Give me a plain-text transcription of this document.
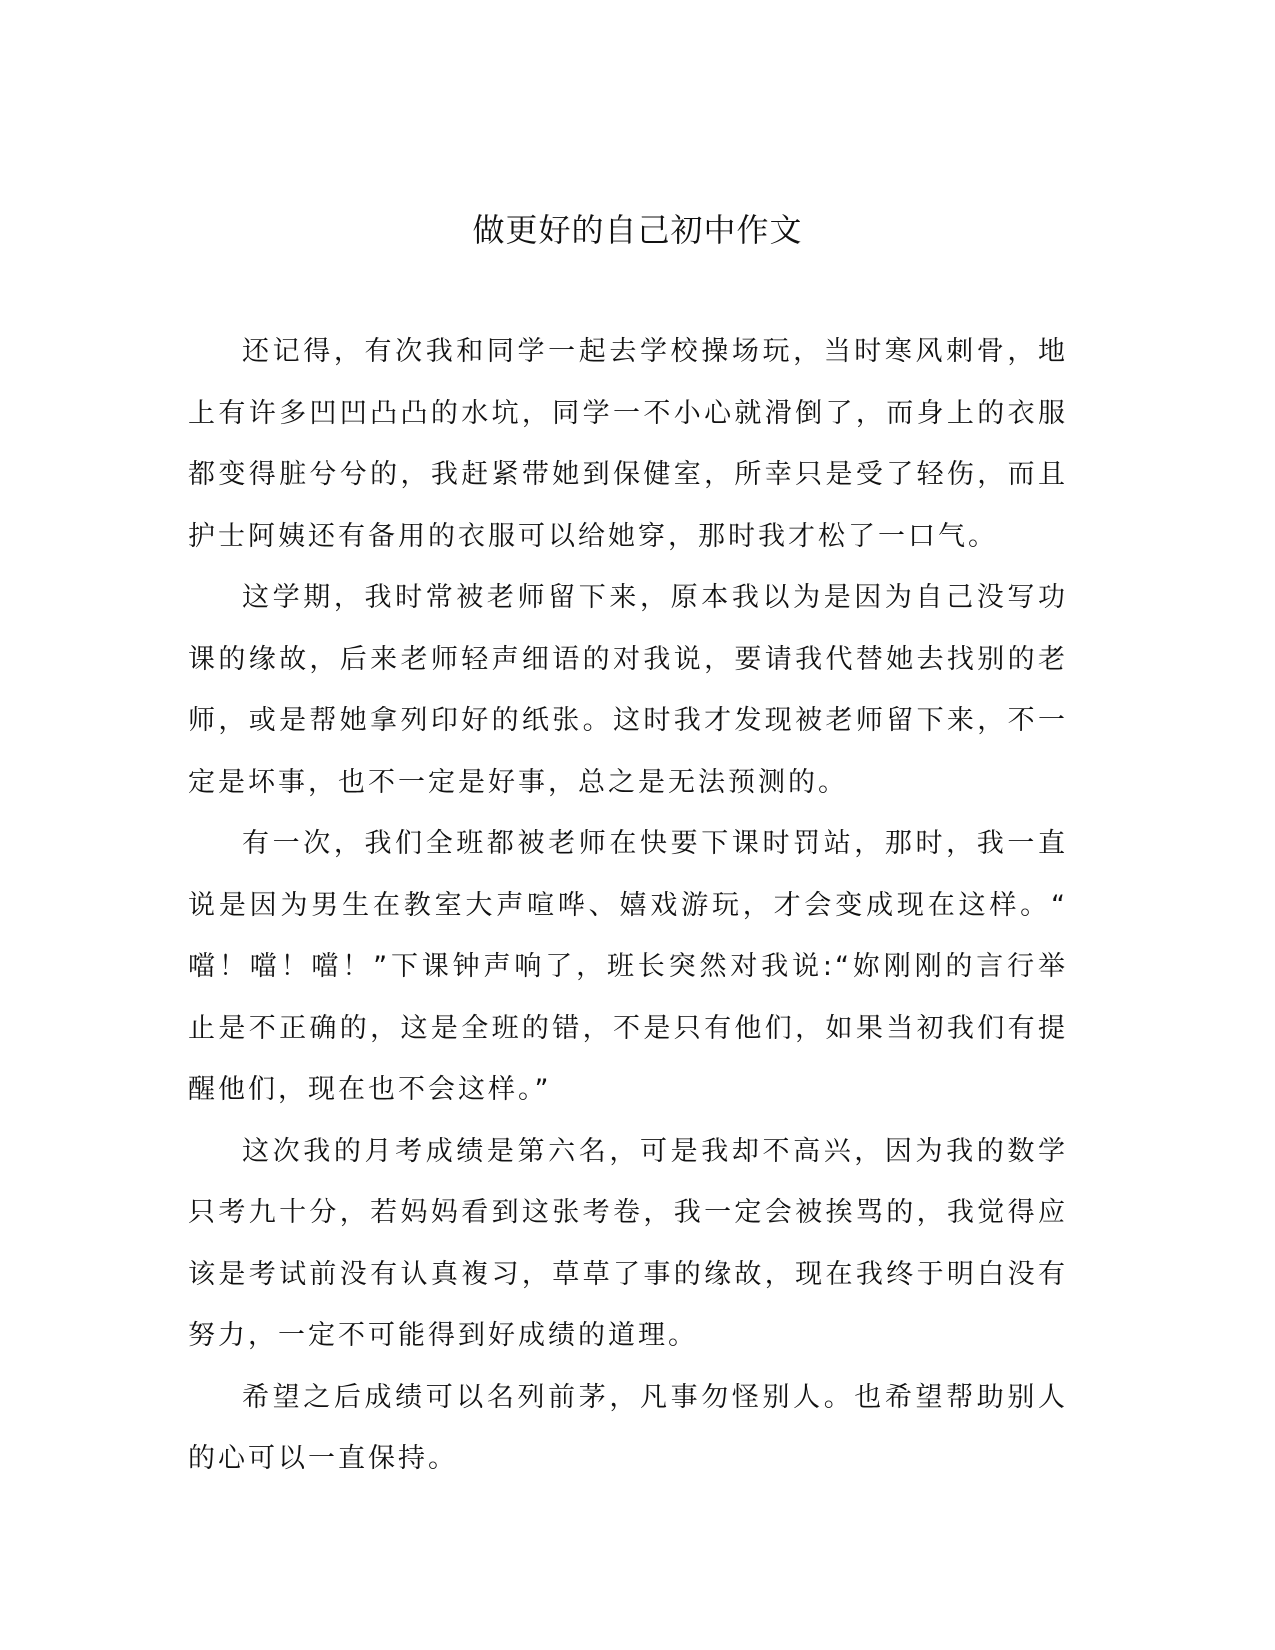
做更好的自己初中作文

还记得，有次我和同学一起去学校操场玩，当时寒风刺骨，地上有许多凹凹凸凸的水坑，同学一不小心就滑倒了，而身上的衣服都变得脏兮兮的，我赶紧带她到保健室，所幸只是受了轻伤，而且护士阿姨还有备用的衣服可以给她穿，那时我才松了一口气。

这学期，我时常被老师留下来，原本我以为是因为自己没写功课的缘故，后来老师轻声细语的对我说，要请我代替她去找别的老师，或是帮她拿列印好的纸张。这时我才发现被老师留下来，不一定是坏事，也不一定是好事，总之是无法预测的。

有一次，我们全班都被老师在快要下课时罚站，那时，我一直说是因为男生在教室大声喧哗、嬉戏游玩，才会变成现在这样。“噹！噹！噹！”下课钟声响了，班长突然对我说:“妳刚刚的言行举止是不正确的，这是全班的错，不是只有他们，如果当初我们有提醒他们，现在也不会这样。”

这次我的月考成绩是第六名，可是我却不高兴，因为我的数学只考九十分，若妈妈看到这张考卷，我一定会被挨骂的，我觉得应该是考试前没有认真複习，草草了事的缘故，现在我终于明白没有努力，一定不可能得到好成绩的道理。

希望之后成绩可以名列前茅，凡事勿怪别人。也希望帮助别人的心可以一直保持。
